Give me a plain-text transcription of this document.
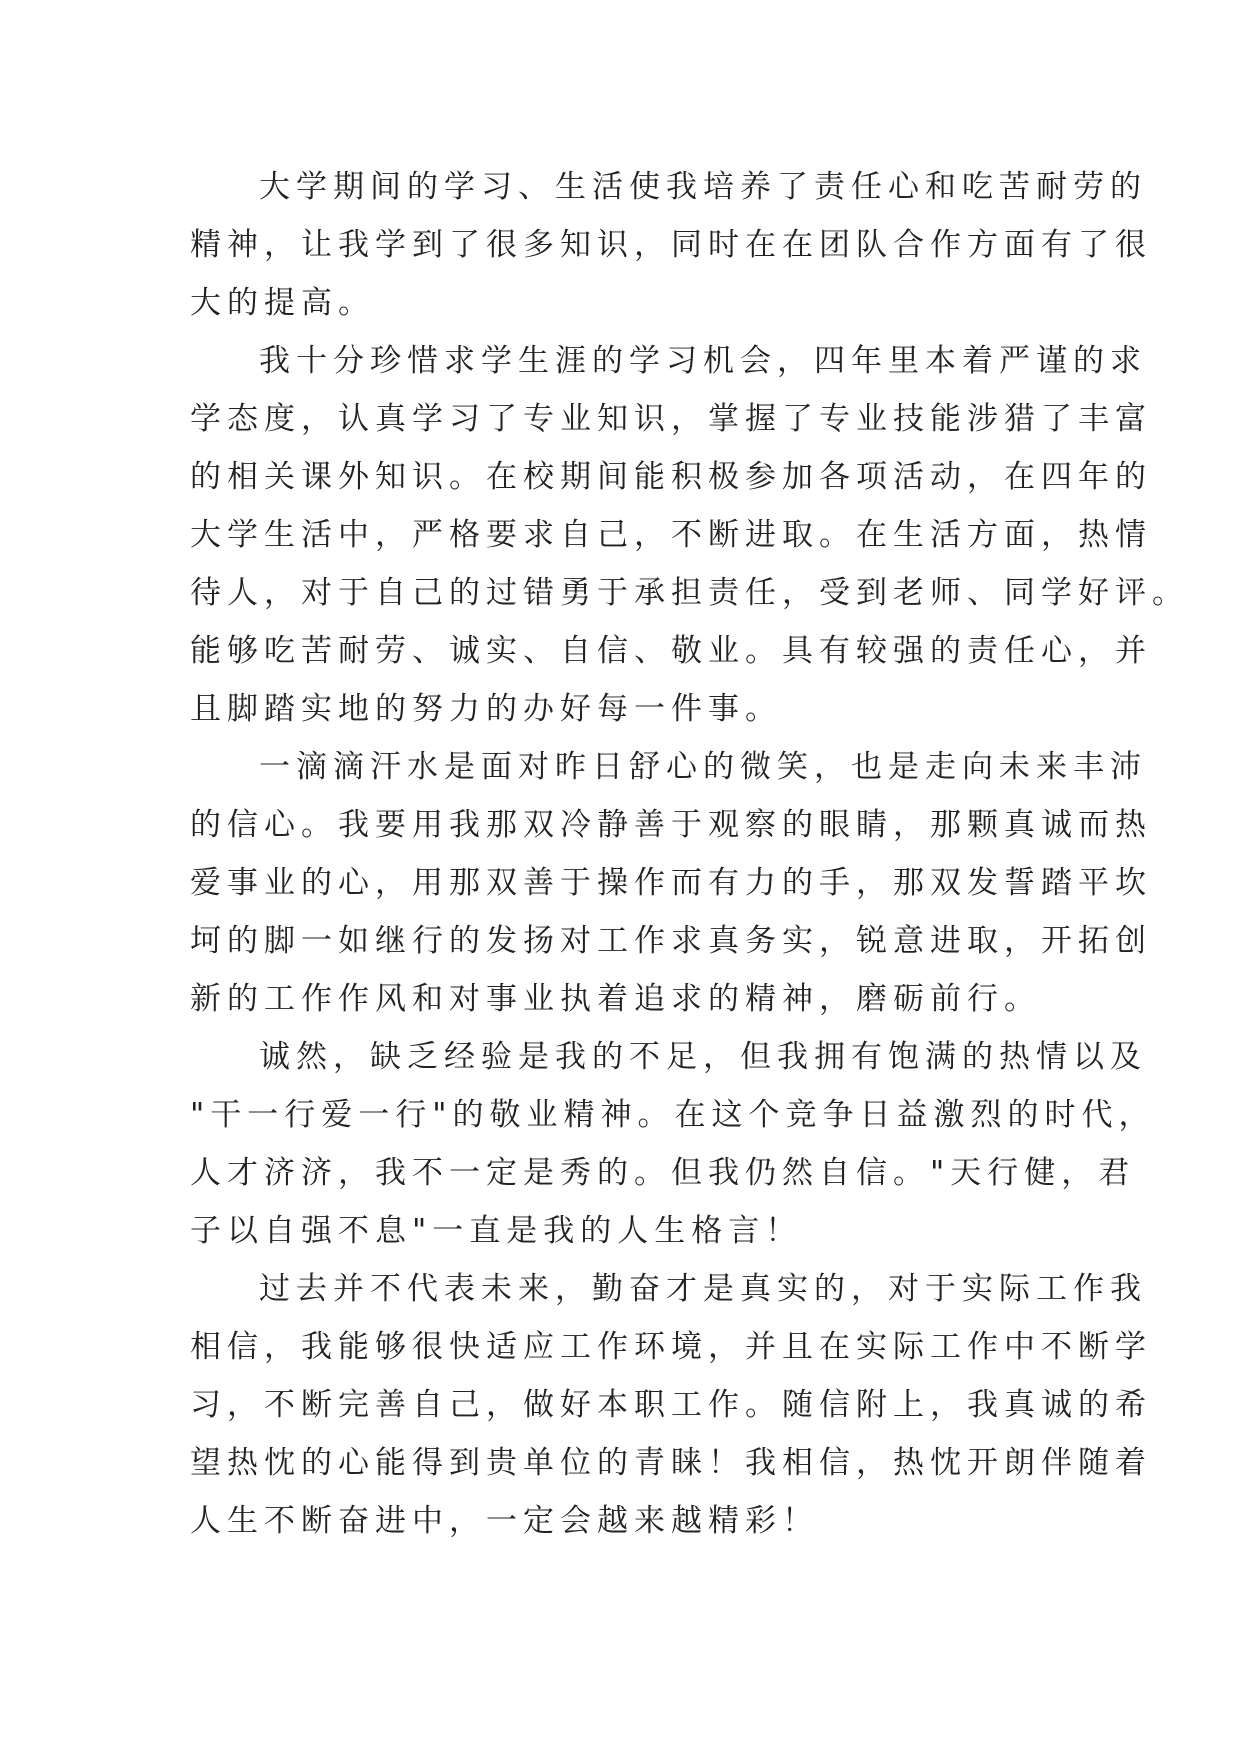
大学期间的学习、生活使我培养了责任心和吃苦耐劳的
精神，让我学到了很多知识，同时在在团队合作方面有了很
大的提高。
我十分珍惜求学生涯的学习机会，四年里本着严谨的求
学态度，认真学习了专业知识，掌握了专业技能涉猎了丰富
的相关课外知识。在校期间能积极参加各项活动，在四年的
大学生活中，严格要求自己，不断进取。在生活方面，热情
待人，对于自己的过错勇于承担责任，受到老师、同学好评。
能够吃苦耐劳、诚实、自信、敬业。具有较强的责任心，并
且脚踏实地的努力的办好每一件事。
一滴滴汗水是面对昨日舒心的微笑，也是走向未来丰沛
的信心。我要用我那双冷静善于观察的眼睛，那颗真诚而热
爱事业的心，用那双善于操作而有力的手，那双发誓踏平坎
坷的脚一如继行的发扬对工作求真务实，锐意进取，开拓创
新的工作作风和对事业执着追求的精神，磨砺前行。
诚然，缺乏经验是我的不足，但我拥有饱满的热情以及
"干一行爱一行"的敬业精神。在这个竞争日益激烈的时代，
人才济济，我不一定是秀的。但我仍然自信。"天行健，君
子以自强不息"一直是我的人生格言！
过去并不代表未来，勤奋才是真实的，对于实际工作我
相信，我能够很快适应工作环境，并且在实际工作中不断学
习，不断完善自己，做好本职工作。随信附上，我真诚的希
望热忱的心能得到贵单位的青睐！我相信，热忱开朗伴随着
人生不断奋进中，一定会越来越精彩！
